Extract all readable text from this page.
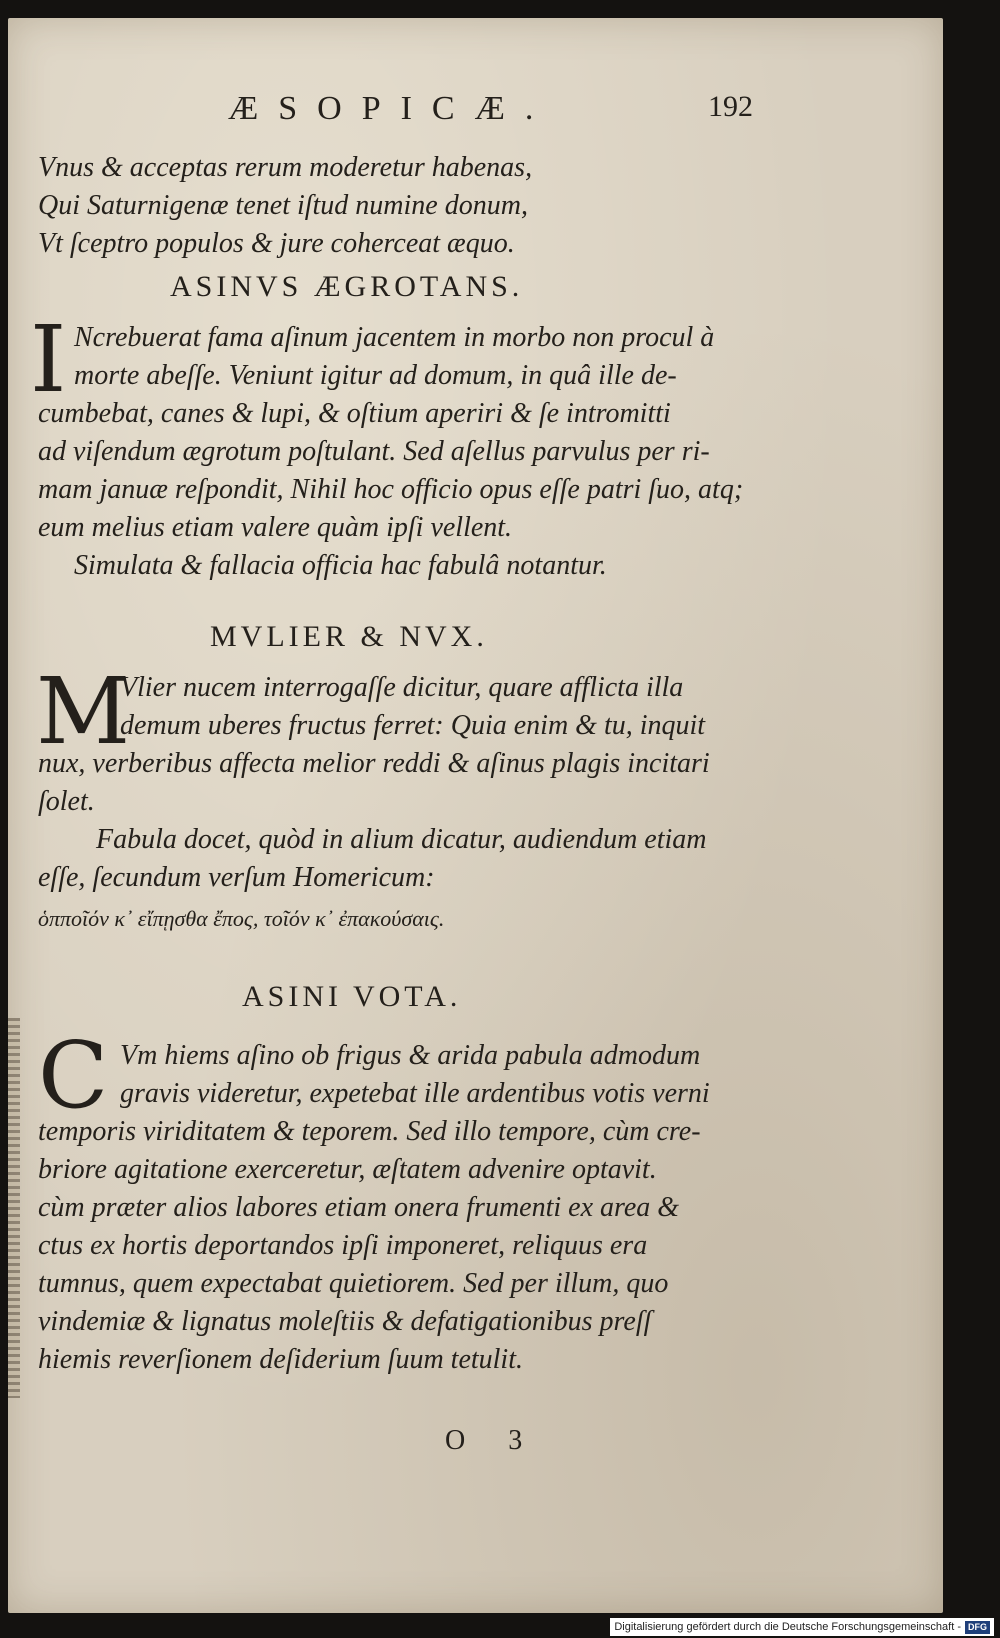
ÆSOPICÆ.	192
Vnus & acceptas rerum moderetur habenas,
Qui Saturnigenæ tenet iſtud numine donum,
Vt ſceptro populos & jure coherceat æquo.
ASINVS ÆGROTANS.
I Ncrebuerat fama aſinum jacentem in morbo non procul à
morte abeſſe. Veniunt igitur ad domum, in quâ ille de-
cumbebat, canes & lupi, & oſtium aperiri & ſe intromitti
ad viſendum ægrotum poſtulant. Sed aſellus parvulus per ri-
mam januæ reſpondit, Nihil hoc officio opus eſſe patri ſuo, atq;
eum melius etiam valere quàm ipſi vellent.
Simulata & fallacia officia hac fabulâ notantur.
MVLIER & NVX.
M
Vlier nucem interrogaſſe dicitur, quare afflicta illa
demum uberes fructus ferret: Quia enim & tu, inquit
nux, verberibus affecta melior reddi & aſinus plagis incitari
ſolet.
Fabula docet, quòd in alium dicatur, audiendum etiam
eſſe, ſecundum verſum Homericum:
ὁπποῖόν κ᾽ εἴπῃσθα ἔπος, τοῖόν κ᾽ ἐπακούσαις.
ASINI VOTA.
C Vm hiems aſino ob frigus & arida pabula admodum
gravis videretur, expetebat ille ardentibus votis verni
temporis viriditatem & teporem. Sed illo tempore, cùm cre-
briore agitatione exerceretur, æſtatem advenire optavit.
cùm præter alios labores etiam onera frumenti ex area &
ctus ex hortis deportandos ipſi imponeret, reliquus era
tumnus, quem expectabat quietiorem. Sed per illum, quo
vindemiæ & lignatus moleſtiis & defatigationibus preſſ
hiemis reverſionem deſiderium ſuum tetulit.
O 3
Digitalisierung gefördert durch die Deutsche Forschungsgemeinschaft - DFG
